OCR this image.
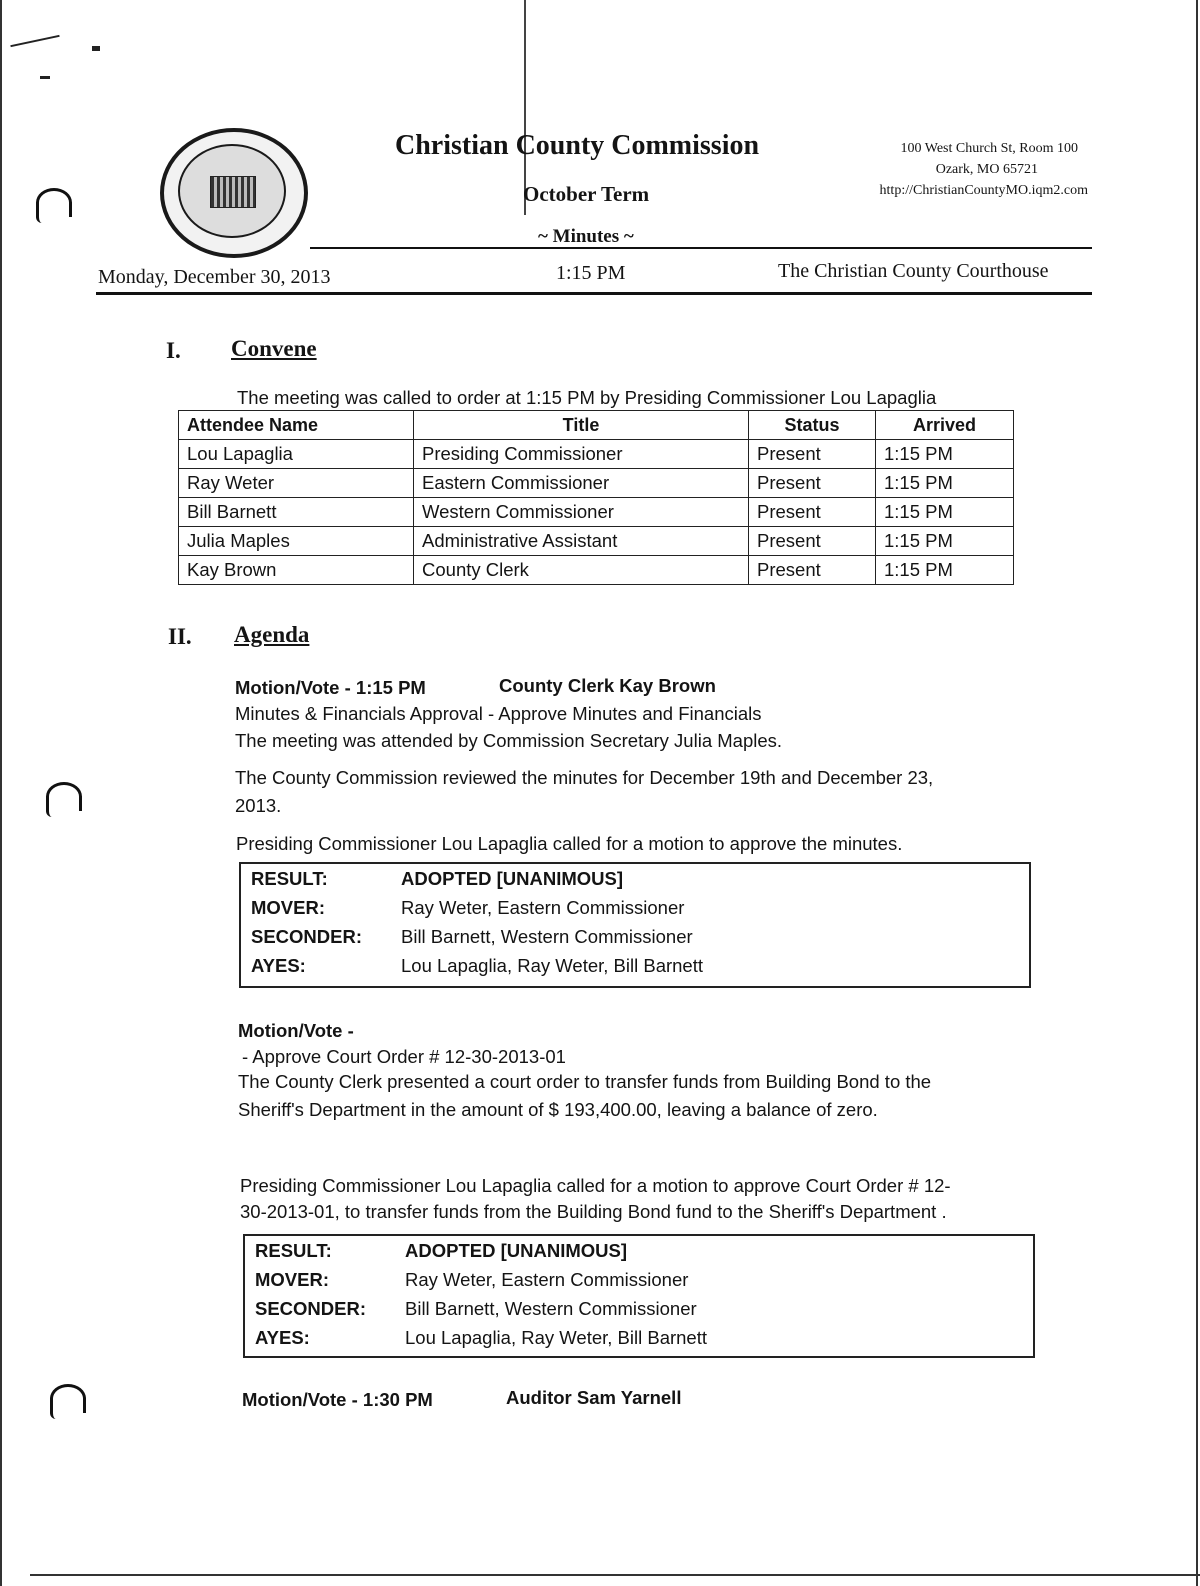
Christian County Commission
October Term
~ Minutes ~
100 West Church St, Room 100
Ozark, MO 65721
http://ChristianCountyMO.iqm2.com
Monday, December 30, 2013	1:15 PM	The Christian County Courthouse
I. Convene
The meeting was called to order at 1:15 PM by Presiding Commissioner Lou Lapaglia
Attendee Name	Title	Status	Arrived
Lou Lapaglia	Presiding Commissioner	Present	1:15 PM
Ray Weter	Eastern Commissioner	Present	1:15 PM
Bill Barnett	Western Commissioner	Present	1:15 PM
Julia Maples	Administrative Assistant	Present	1:15 PM
Kay Brown	County Clerk	Present	1:15 PM
II. Agenda
Motion/Vote - 1:15 PM	County Clerk Kay Brown
Minutes & Financials Approval - Approve Minutes and Financials
The meeting was attended by Commission Secretary Julia Maples.
The County Commission reviewed the minutes for December 19th and December 23,
2013.
Presiding Commissioner Lou Lapaglia called for a motion to approve the minutes.
RESULT:	ADOPTED [UNANIMOUS]
MOVER:	Ray Weter, Eastern Commissioner
SECONDER:	Bill Barnett, Western Commissioner
AYES:	Lou Lapaglia, Ray Weter, Bill Barnett
Motion/Vote -
- Approve Court Order # 12-30-2013-01
The County Clerk presented a court order to transfer funds from Building Bond to the
Sheriff's Department in the amount of $ 193,400.00, leaving a balance of zero.
Presiding Commissioner Lou Lapaglia called for a motion to approve Court Order # 12-
30-2013-01, to transfer funds from the Building Bond fund to the Sheriff's Department .
RESULT:	ADOPTED [UNANIMOUS]
MOVER:	Ray Weter, Eastern Commissioner
SECONDER:	Bill Barnett, Western Commissioner
AYES:	Lou Lapaglia, Ray Weter, Bill Barnett
Motion/Vote - 1:30 PM	Auditor Sam Yarnell
